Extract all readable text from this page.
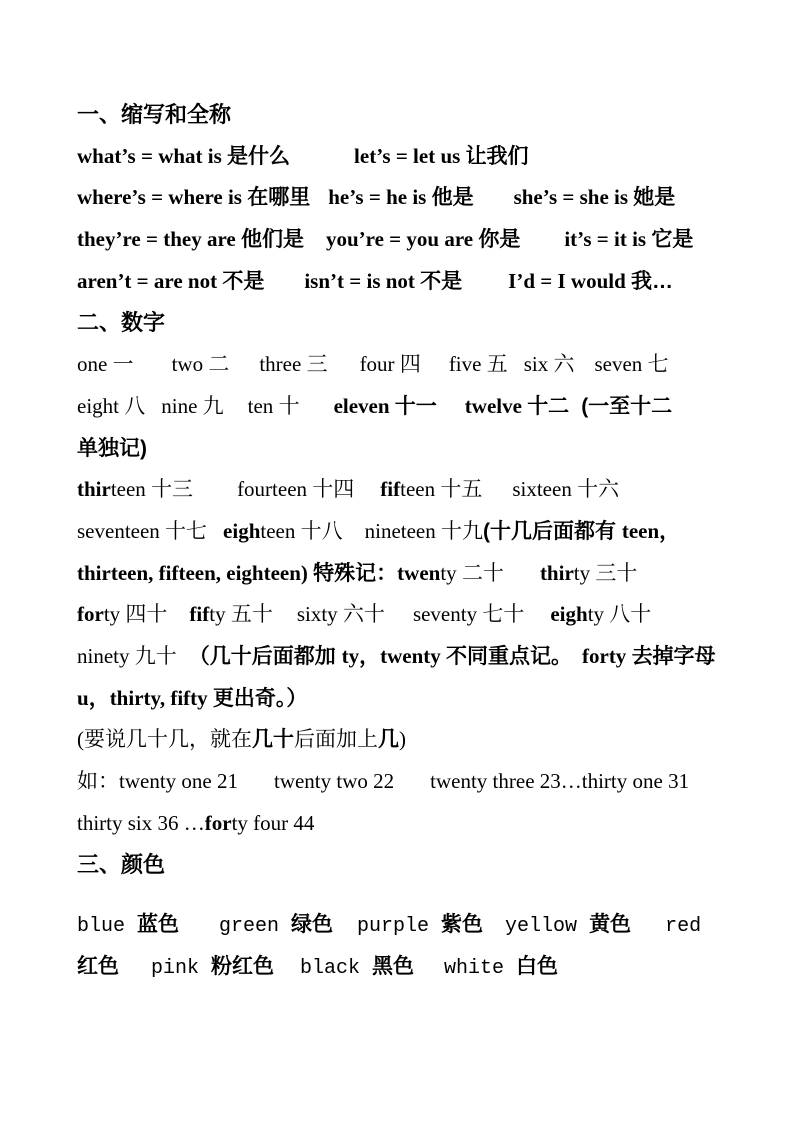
一、缩写和全称
what’s = what is 是什么	let’s = let us 让我们
where’s = where is 在哪里 he’s = he is 他是 she’s = she is 她是
they’re = they are 他们是 you’re = you are 你是 it’s = it is 它是
aren’t = are not 不是 isn’t = is not 不是 I’d = I would 我…
二、数字
one 一 two 二 three 三 four 四 five 五 six 六 seven 七
eight 八 nine 九 ten 十 eleven 十一 twelve 十二 (一至十二
单独记)
thirteen 十三 fourteen 十四 fifteen 十五 sixteen 十六
seventeen 十七 eighteen 十八 nineteen 十九(十几后面都有 teen，
thirteen, fifteen, eighteen) 特殊记：twenty 二十 thirty 三十
forty 四十 fifty 五十 sixty 六十 seventy 七十 eighty 八十
ninety 九十 （几十后面都加 ty，twenty 不同重点记。 forty 去掉字母
u，thirty, fifty 更出奇。）
(要说几十几，就在几十后面加上几)
如：twenty one 21 twenty two 22 twenty three 23…thirty one 31
thirty six 36 …forty four 44
三、颜色
blue 蓝色 green 绿色 purple 紫色 yellow 黄色 red
红色 pink 粉红色 black 黑色 white 白色
